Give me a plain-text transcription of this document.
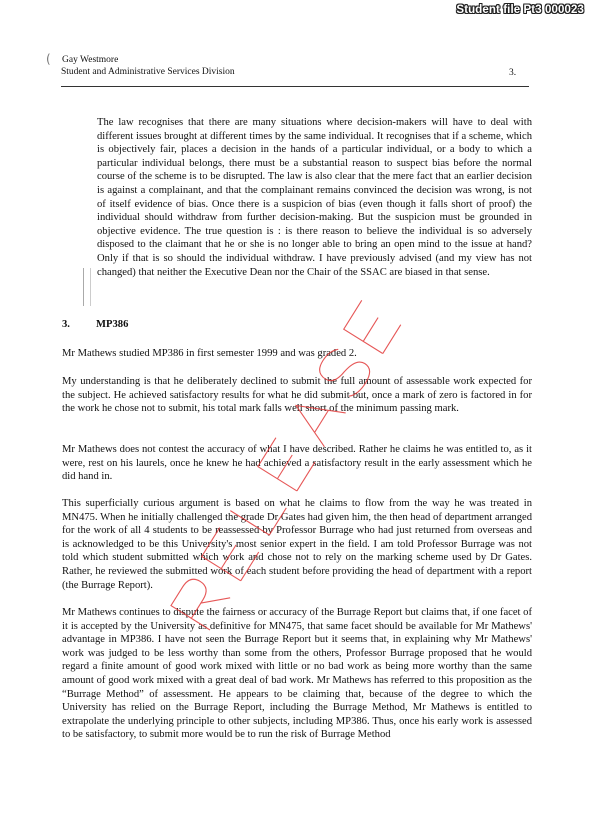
Student file Pt3 000023
( Gay Westmore
Student and Administrative Services Division	3.

The law recognises that there are many situations where decision-makers will have to deal with different issues brought at different times by the same individual. It recognises that if a scheme, which is objectively fair, places a decision in the hands of a particular individual, or a body to which a particular individual belongs, there must be a substantial reason to suspect bias before the normal course of the scheme is to be disrupted. The law is also clear that the mere fact that an earlier decision is against a complainant, and that the complainant remains convinced the decision was wrong, is not of itself evidence of bias. Once there is a suspicion of bias (even though it falls short of proof) the individual should withdraw from further decision-making. But the suspicion must be grounded in objective evidence. The true question is : is there reason to believe the individual is so adversely disposed to the claimant that he or she is no longer able to bring an open mind to the issue at hand? Only if that is so should the individual withdraw. I have previously advised (and my view has not changed) that neither the Executive Dean nor the Chair of the SSAC are biased in that sense.

3. MP386

Mr Mathews studied MP386 in first semester 1999 and was graded 2.

My understanding is that he deliberately declined to submit the full amount of assessable work expected for the subject. He achieved satisfactory results for what he did submit but, once a mark of zero is factored in for the work he chose not to submit, his total mark falls well short of the minimum passing mark.

Mr Mathews does not contest the accuracy of what I have described. Rather he claims he was entitled to, as it were, rest on his laurels, once he knew he had achieved a satisfactory result in the early assessment which he did hand in.

This superficially curious argument is based on what he claims to flow from the way he was treated in MN475. When he initially challenged the grade Dr Gates had given him, the then head of department arranged for the work of all 4 students to be reassessed by Professor Burrage who had just returned from overseas and is acknowledged to be this University's most senior expert in the field. I am told Professor Burrage was not told which student submitted which work and chose not to rely on the marking scheme used by Dr Gates. Rather, he reviewed the submitted work of each student before providing the head of department with a report (the Burrage Report).

Mr Mathews continues to dispute the fairness or accuracy of the Burrage Report but claims that, if one facet of it is accepted by the University as definitive for MN475, that same facet should be available for Mr Mathews' advantage in MP386. I have not seen the Burrage Report but it seems that, in explaining why Mr Mathews' work was judged to be less worthy than some from the others, Professor Burrage proposed that he would regard a finite amount of good work mixed with little or no bad work as being more worthy than the same amount of good work mixed with a great deal of bad work. Mr Mathews has referred to this proposition as the “Burrage Method” of assessment. He appears to be claiming that, because of the degree to which the University has relied on the Burrage Report, including the Burrage Method, Mr Mathews is entitled to extrapolate the underlying principle to other subjects, including MP386. Thus, once his early work is assessed to be satisfactory, to submit more would be to run the risk of Burrage Method
